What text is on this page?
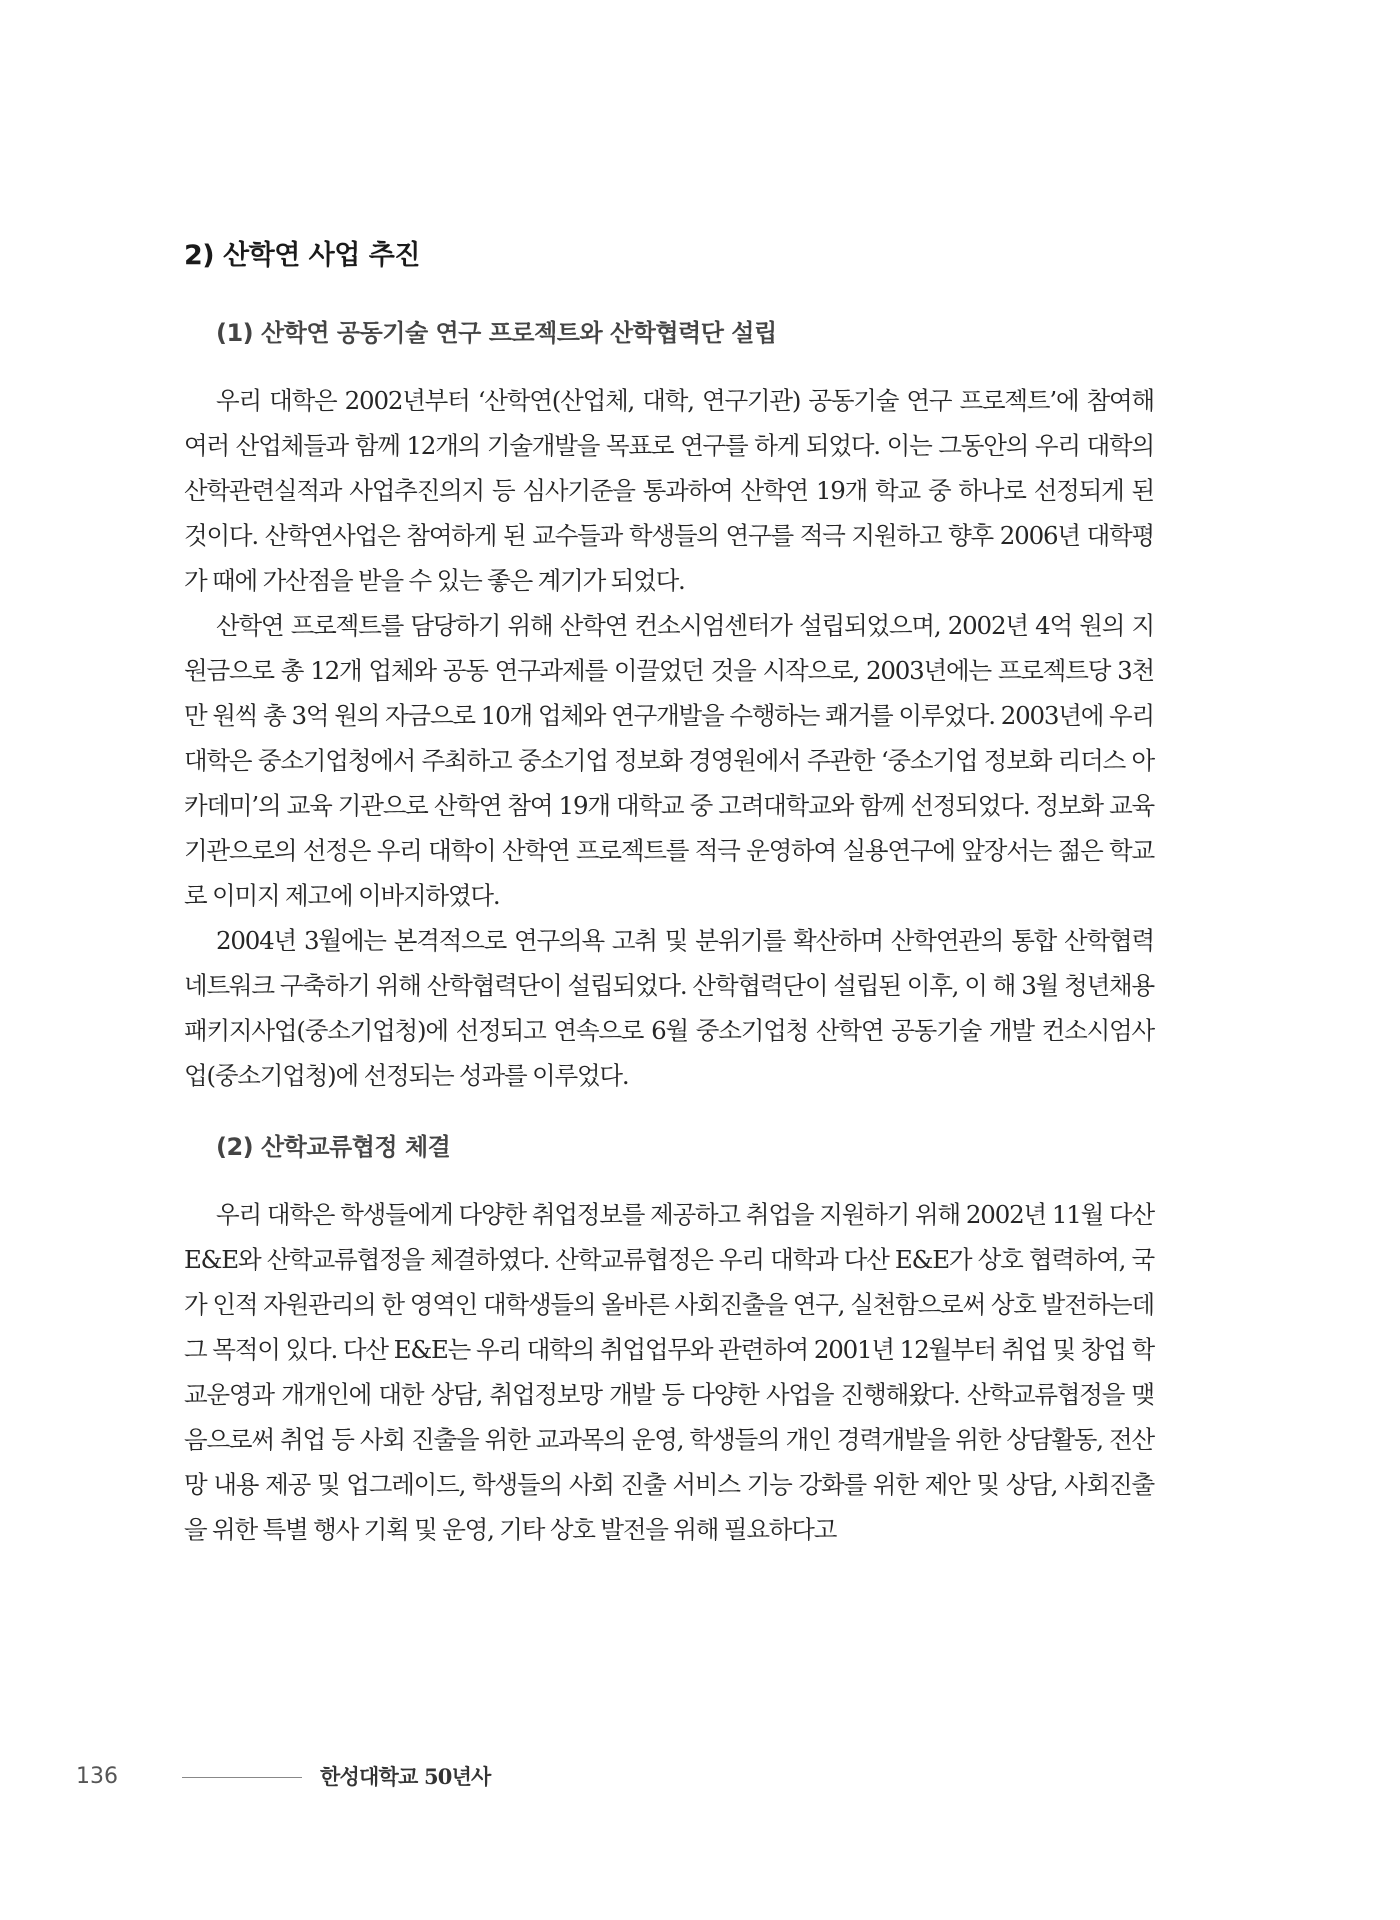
2) 산학연 사업 추진
(1) 산학연 공동기술 연구 프로젝트와 산학협력단 설립

우리 대학은 2002년부터 ‘산학연(산업체, 대학, 연구기관) 공동기술 연구 프로젝트’에 참여해 여러 산업체들과 함께 12개의 기술개발을 목표로 연구를 하게 되었다. 이는 그동안의 우리 대학의 산학관련실적과 사업추진의지 등 심사기준을 통과하여 산학연 19개 학교 중 하나로 선정되게 된 것이다. 산학연사업은 참여하게 된 교수들과 학생들의 연구를 적극 지원하고 향후 2006년 대학평가 때에 가산점을 받을 수 있는 좋은 계기가 되었다.

산학연 프로젝트를 담당하기 위해 산학연 컨소시엄센터가 설립되었으며, 2002년 4억 원의 지원금으로 총 12개 업체와 공동 연구과제를 이끌었던 것을 시작으로, 2003년에는 프로젝트당 3천만 원씩 총 3억 원의 자금으로 10개 업체와 연구개발을 수행하는 쾌거를 이루었다. 2003년에 우리 대학은 중소기업청에서 주최하고 중소기업 정보화 경영원에서 주관한 ‘중소기업 정보화 리더스 아카데미’의 교육 기관으로 산학연 참여 19개 대학교 중 고려대학교와 함께 선정되었다. 정보화 교육기관으로의 선정은 우리 대학이 산학연 프로젝트를 적극 운영하여 실용연구에 앞장서는 젊은 학교로 이미지 제고에 이바지하였다.

2004년 3월에는 본격적으로 연구의욕 고취 및 분위기를 확산하며 산학연관의 통합 산학협력 네트워크 구축하기 위해 산학협력단이 설립되었다. 산학협력단이 설립된 이후, 이 해 3월 청년채용패키지사업(중소기업청)에 선정되고 연속으로 6월 중소기업청 산학연 공동기술 개발 컨소시엄사업(중소기업청)에 선정되는 성과를 이루었다.

(2) 산학교류협정 체결

우리 대학은 학생들에게 다양한 취업정보를 제공하고 취업을 지원하기 위해 2002년 11월 다산 E&E와 산학교류협정을 체결하였다. 산학교류협정은 우리 대학과 다산 E&E가 상호 협력하여, 국가 인적 자원관리의 한 영역인 대학생들의 올바른 사회진출을 연구, 실천함으로써 상호 발전하는데 그 목적이 있다. 다산 E&E는 우리 대학의 취업업무와 관련하여 2001년 12월부터 취업 및 창업 학교운영과 개개인에 대한 상담, 취업정보망 개발 등 다양한 사업을 진행해왔다. 산학교류협정을 맺음으로써 취업 등 사회 진출을 위한 교과목의 운영, 학생들의 개인 경력개발을 위한 상담활동, 전산망 내용 제공 및 업그레이드, 학생들의 사회 진출 서비스 기능 강화를 위한 제안 및 상담, 사회진출을 위한 특별 행사 기획 및 운영, 기타 상호 발전을 위해 필요하다고

136	한성대학교 50년사
